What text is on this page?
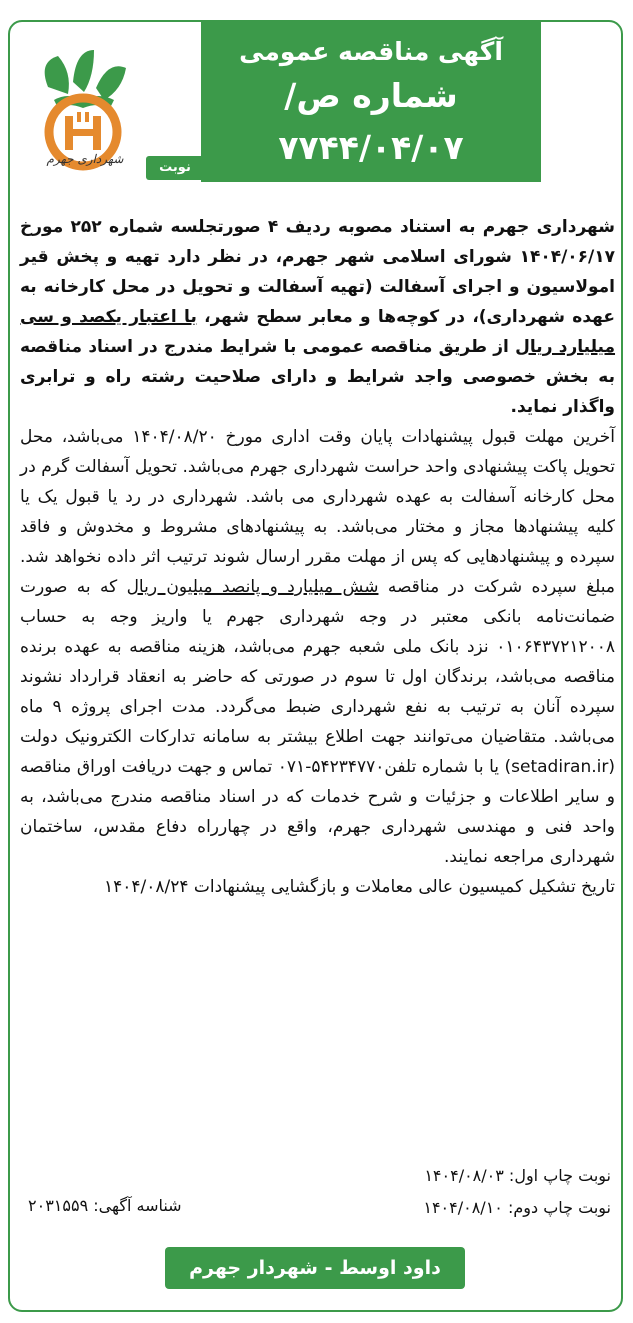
آگهی مناقصه عمومی
شماره ص/۷۷۴۴/۰۴/۰۷
تاریخ:۱۴۰۴/۰۷/۲۸
شهرداری جهرم
نوبت اول

شهرداری جهرم به استناد مصوبه ردیف ۴ صورتجلسه شماره ۲۵۲ مورخ ۱۴۰۴/۰۶/۱۷ شورای اسلامی شهر جهرم، در نظر دارد تهیه و پخش قیر امولاسیون و اجرای آسفالت (تهیه آسفالت و تحویل در محل کارخانه به عهده شهرداری)، در کوچه‌ها و معابر سطح شهر، با اعتبار یکصد و سی میلیارد ریال از طریق مناقصه عمومی با شرایط مندرج در اسناد مناقصه به بخش خصوصی واجد شرایط و دارای صلاحیت رشته راه و ترابری واگذار نماید.

آخرین مهلت قبول پیشنهادات پایان وقت اداری مورخ ۱۴۰۴/۰۸/۲۰ می‌باشد، محل تحویل پاکت پیشنهادی واحد حراست شهرداری جهرم می‌باشد. تحویل آسفالت گرم در محل کارخانه آسفالت به عهده شهرداری می باشد. شهرداری در رد یا قبول یک یا کلیه پیشنهادها مجاز و مختار می‌باشد. به پیشنهادهای مشروط و مخدوش و فاقد سپرده و پیشنهادهایی که پس از مهلت مقرر ارسال شوند ترتیب اثر داده نخواهد شد. مبلغ سپرده شرکت در مناقصه شش میلیارد و پانصد میلیون ریال که به صورت ضمانت‌نامه بانکی معتبر در وجه شهرداری جهرم یا واریز وجه به حساب ۰۱۰۶۴۳۷۲۱۲۰۰۸ نزد بانک ملی شعبه جهرم می‌باشد، هزینه مناقصه به عهده برنده مناقصه می‌باشد، برندگان اول تا سوم در صورتی که حاضر به انعقاد قرارداد نشوند سپرده آنان به ترتیب به نفع شهرداری ضبط می‌گردد. مدت اجرای پروژه ۹ ماه می‌باشد. متقاضیان می‌توانند جهت اطلاع بیشتر به سامانه تدارکات الکترونیک دولت (setadiran.ir) یا با شماره تلفن۵۴۲۳۴۷۷۰-۰۷۱ تماس و جهت دریافت اوراق مناقصه و سایر اطلاعات و جزئیات و شرح خدمات که در اسناد مناقصه مندرج می‌باشد، به واحد فنی و مهندسی شهرداری جهرم، واقع در چهارراه دفاع مقدس، ساختمان شهرداری مراجعه نمایند.

تاریخ تشکیل کمیسیون عالی معاملات و بازگشایی پیشنهادات ۱۴۰۴/۰۸/۲۴

نوبت چاپ اول: ۱۴۰۴/۰۸/۰۳
نوبت چاپ دوم: ۱۴۰۴/۰۸/۱۰
شناسه آگهی: ۲۰۳۱۵۵۹
داود اوسط - شهردار جهرم
